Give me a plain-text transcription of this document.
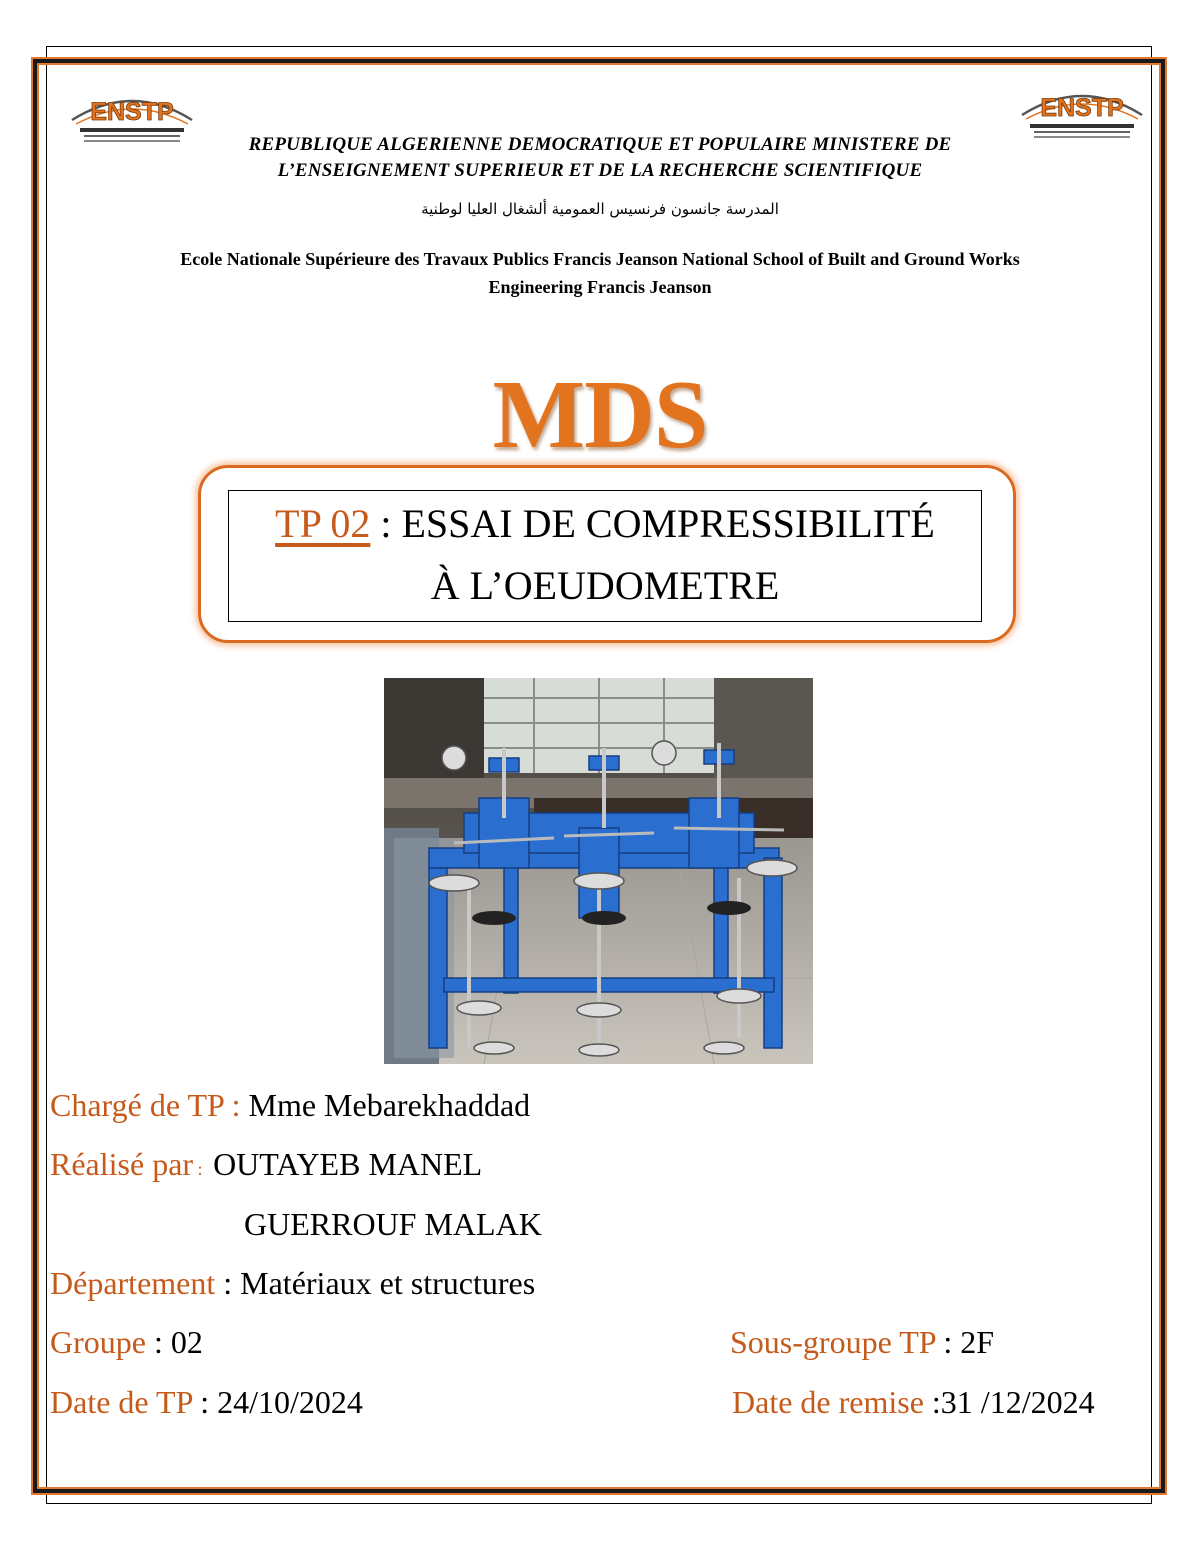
ENSTP	ENSTP
REPUBLIQUE ALGERIENNE DEMOCRATIQUE ET POPULAIRE MINISTERE DE
L’ENSEIGNEMENT SUPERIEUR ET DE LA RECHERCHE SCIENTIFIQUE
المدرسة جانسون فرنسيس العمومية ألشغال العليا لوطنية
Ecole Nationale Supérieure des Travaux Publics Francis Jeanson National School of Built and Ground Works
Engineering Francis Jeanson
MDS
TP 02 : ESSAI DE COMPRESSIBILITÉ
À L’OEUDOMETRE
Chargé de TP : Mme Mebarekhaddad
Réalisé par : OUTAYEB MANEL
GUERROUF MALAK
Département : Matériaux et structures
Groupe : 02	Sous-groupe TP : 2F
Date de TP : 24/10/2024	Date de remise :31 /12/2024
